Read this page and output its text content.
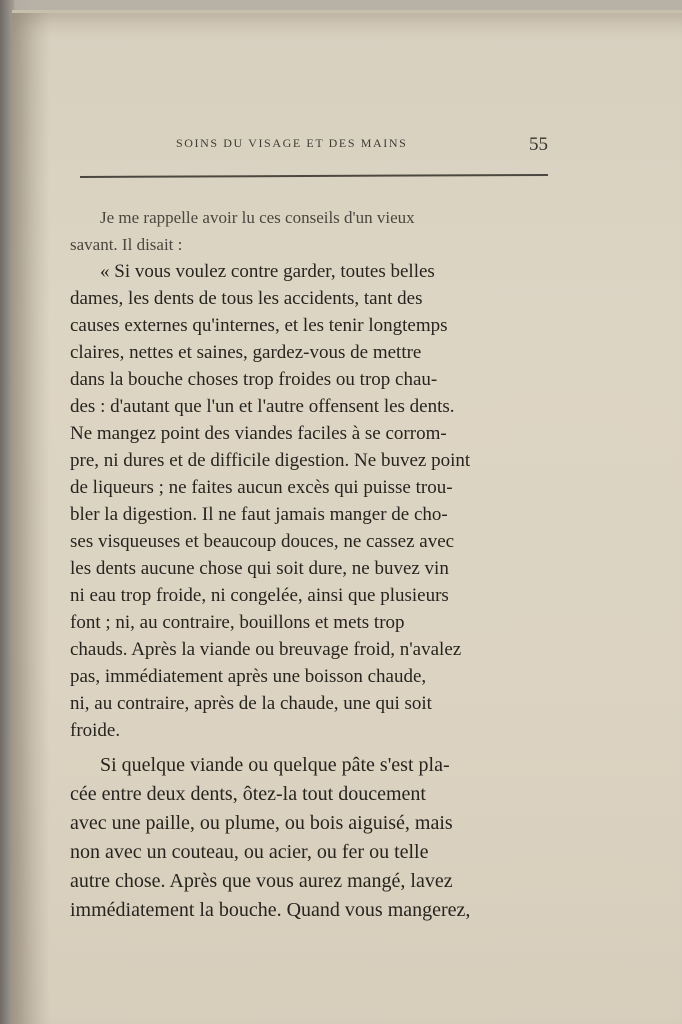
SOINS DU VISAGE ET DES MAINS	55
Je me rappelle avoir lu ces conseils d'un vieux
savant. Il disait :
« Si vous voulez contre garder, toutes belles
dames, les dents de tous les accidents, tant des
causes externes qu'internes, et les tenir longtemps
claires, nettes et saines, gardez-vous de mettre
dans la bouche choses trop froides ou trop chau-
des : d'autant que l'un et l'autre offensent les dents.
Ne mangez point des viandes faciles à se corrom-
pre, ni dures et de difficile digestion. Ne buvez point
de liqueurs ; ne faites aucun excès qui puisse trou-
bler la digestion. Il ne faut jamais manger de cho-
ses visqueuses et beaucoup douces, ne cassez avec
les dents aucune chose qui soit dure, ne buvez vin
ni eau trop froide, ni congelée, ainsi que plusieurs
font ; ni, au contraire, bouillons et mets trop
chauds. Après la viande ou breuvage froid, n'avalez
pas, immédiatement après une boisson chaude,
ni, au contraire, après de la chaude, une qui soit
froide.
Si quelque viande ou quelque pâte s'est pla-
cée entre deux dents, ôtez-la tout doucement
avec une paille, ou plume, ou bois aiguisé, mais
non avec un couteau, ou acier, ou fer ou telle
autre chose. Après que vous aurez mangé, lavez
immédiatement la bouche. Quand vous mangerez,
